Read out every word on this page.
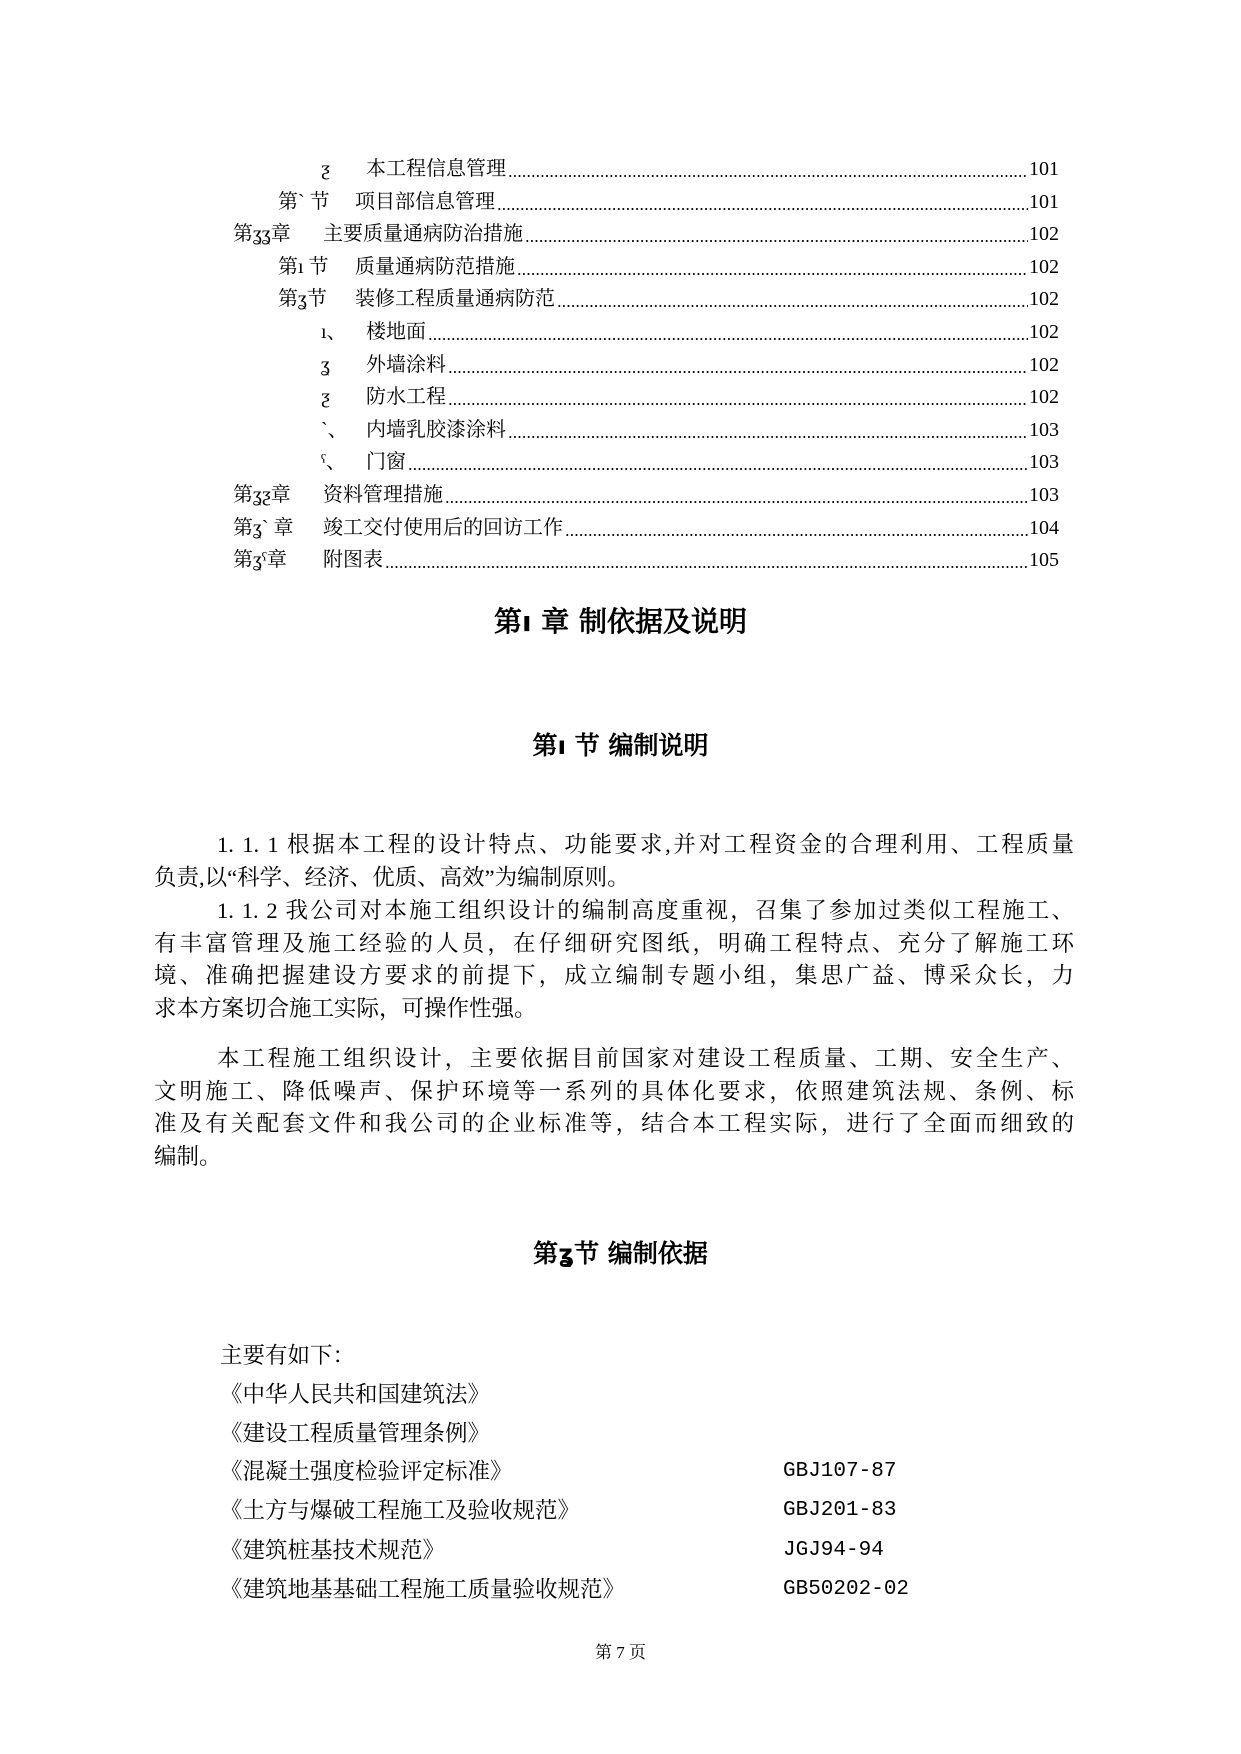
ƺ	本工程信息管理	101
第ˋ 节	项目部信息管理	101
第ʓʓ章	主要质量通病防治措施	102
第ı 节	质量通病防范措施	102
第ʓ节	装修工程质量通病防范	102
ı、 楼地面	102
ʓ	外墙涂料	102
ƺ	防水工程	102
ˋ、 内墙乳胶漆涂料	103
ˁ、	门窗	103
第ʓƺ章	资料管理措施	103
第ʓˋ 章	竣工交付使用后的回访工作	104
第ʓˁ章	附图表	105
第ı 章 制依据及说明
第ı 节 编制说明
1. 1. 1 根据本工程的设计特点、功能要求,并对工程资金的合理利用、工程质量
负责,以“科学、经济、优质、高效”为编制原则。
1. 1. 2 我公司对本施工组织设计的编制高度重视，召集了参加过类似工程施工、
有丰富管理及施工经验的人员，在仔细研究图纸，明确工程特点、充分了解施工环
境、准确把握建设方要求的前提下，成立编制专题小组，集思广益、博采众长，力
求本方案切合施工实际，可操作性强。
本工程施工组织设计，主要依据目前国家对建设工程质量、工期、安全生产、
文明施工、降低噪声、保护环境等一系列的具体化要求，依照建筑法规、条例、标
准及有关配套文件和我公司的企业标准等，结合本工程实际，进行了全面而细致的
编制。
第ʓ节 编制依据
主要有如下：
《中华人民共和国建筑法》
《建设工程质量管理条例》
《混凝土强度检验评定标准》	GBJ107-87
《土方与爆破工程施工及验收规范》	GBJ201-83
《建筑桩基技术规范》	JGJ94-94
《建筑地基基础工程施工质量验收规范》	GB50202-02
第 7 页
